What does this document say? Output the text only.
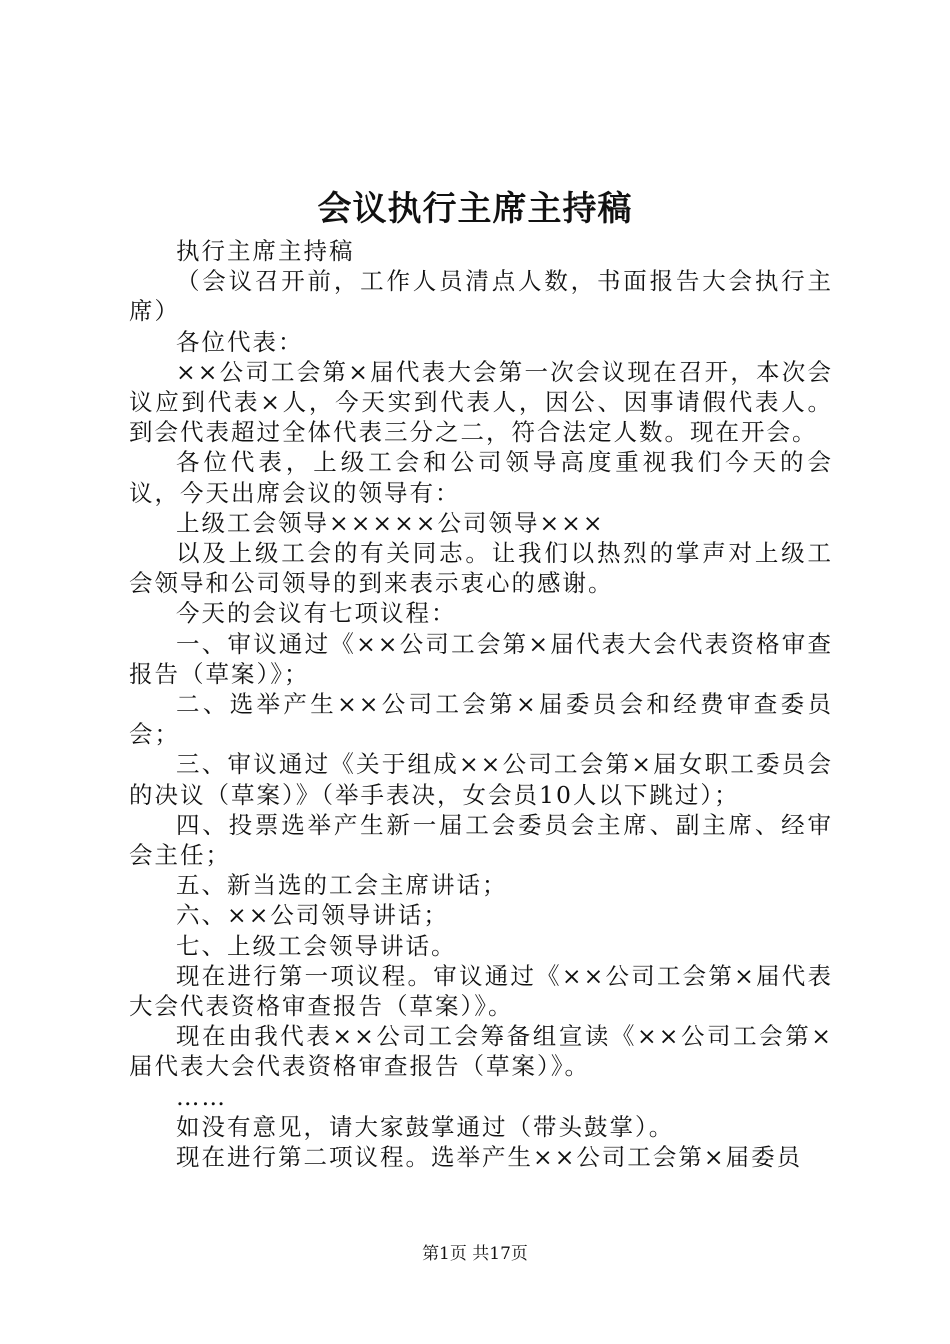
会议执行主席主持稿

执行主席主持稿

（会议召开前，工作人员清点人数，书面报告大会执行主席）

各位代表：

××公司工会第×届代表大会第一次会议现在召开，本次会议应到代表×人，今天实到代表人，因公、因事请假代表人。到会代表超过全体代表三分之二，符合法定人数。现在开会。

各位代表，上级工会和公司领导高度重视我们今天的会议，今天出席会议的领导有：

上级工会领导×××××公司领导×××

以及上级工会的有关同志。让我们以热烈的掌声对上级工会领导和公司领导的到来表示衷心的感谢。

今天的会议有七项议程：

一、审议通过《××公司工会第×届代表大会代表资格审查报告（草案）》；

二、选举产生××公司工会第×届委员会和经费审查委员会；

三、审议通过《关于组成××公司工会第×届女职工委员会的决议（草案）》（举手表决，女会员10人以下跳过）；

四、投票选举产生新一届工会委员会主席、副主席、经审会主任；

五、新当选的工会主席讲话；

六、××公司领导讲话；

七、上级工会领导讲话。

现在进行第一项议程。审议通过《××公司工会第×届代表大会代表资格审查报告（草案）》。

现在由我代表××公司工会筹备组宣读《××公司工会第×届代表大会代表资格审查报告（草案）》。

……

如没有意见，请大家鼓掌通过（带头鼓掌）。

现在进行第二项议程。选举产生××公司工会第×届委员

第1页 共17页
